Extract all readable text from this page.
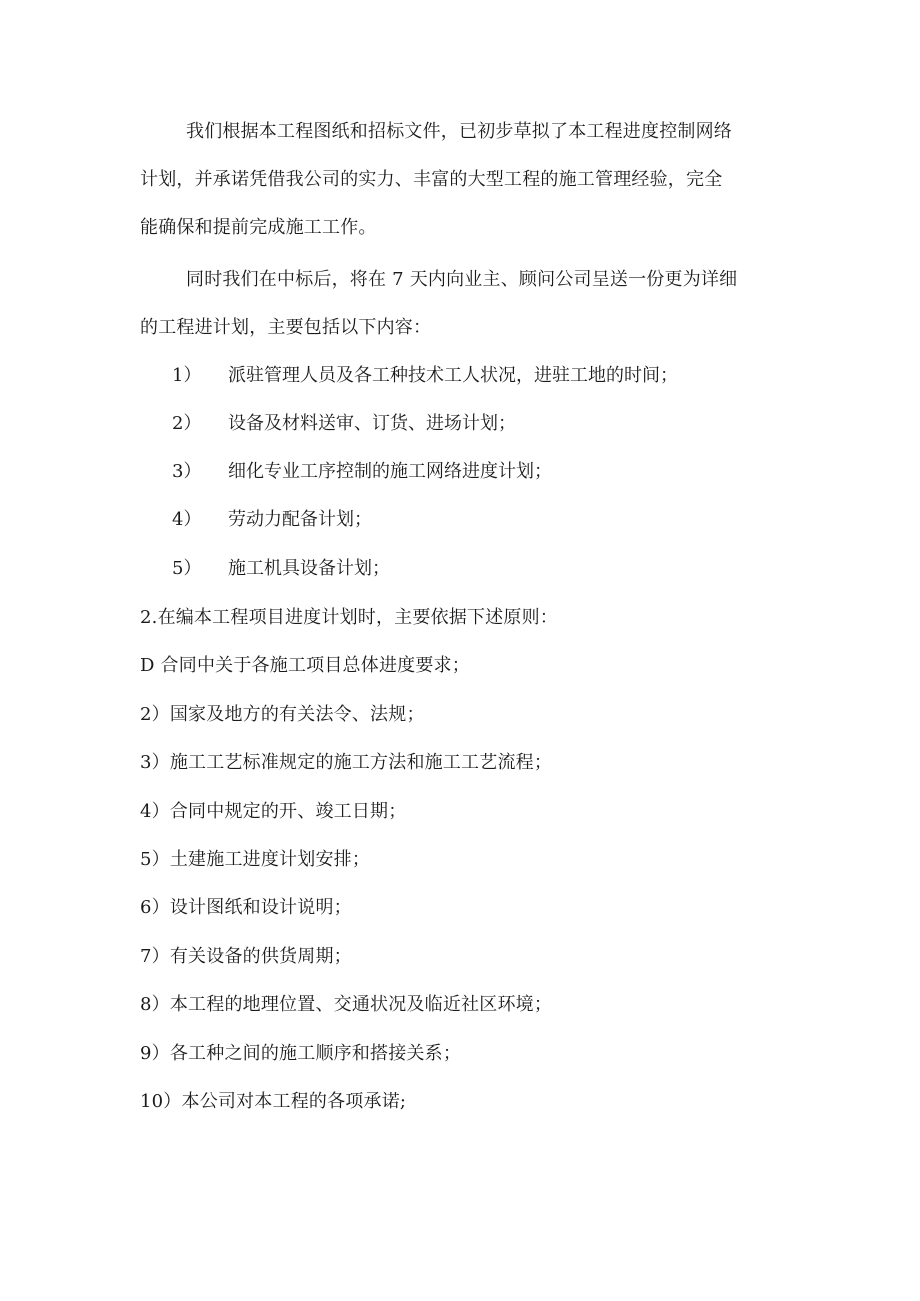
我们根据本工程图纸和招标文件，已初步草拟了本工程进度控制网络
计划，并承诺凭借我公司的实力、丰富的大型工程的施工管理经验，完全
能确保和提前完成施工工作。
同时我们在中标后，将在 7 天内向业主、顾问公司呈送一份更为详细
的工程进计划，主要包括以下内容：
1） 派驻管理人员及各工种技术工人状况，进驻工地的时间；
2） 设备及材料送审、订货、进场计划；
3） 细化专业工序控制的施工网络进度计划；
4） 劳动力配备计划；
5） 施工机具设备计划；
2.在编本工程项目进度计划时，主要依据下述原则：
D 合同中关于各施工项目总体进度要求；
2）国家及地方的有关法令、法规；
3）施工工艺标准规定的施工方法和施工工艺流程；
4）合同中规定的开、竣工日期；
5）土建施工进度计划安排；
6）设计图纸和设计说明；
7）有关设备的供货周期；
8）本工程的地理位置、交通状况及临近社区环境；
9）各工种之间的施工顺序和搭接关系；
10）本公司对本工程的各项承诺;
